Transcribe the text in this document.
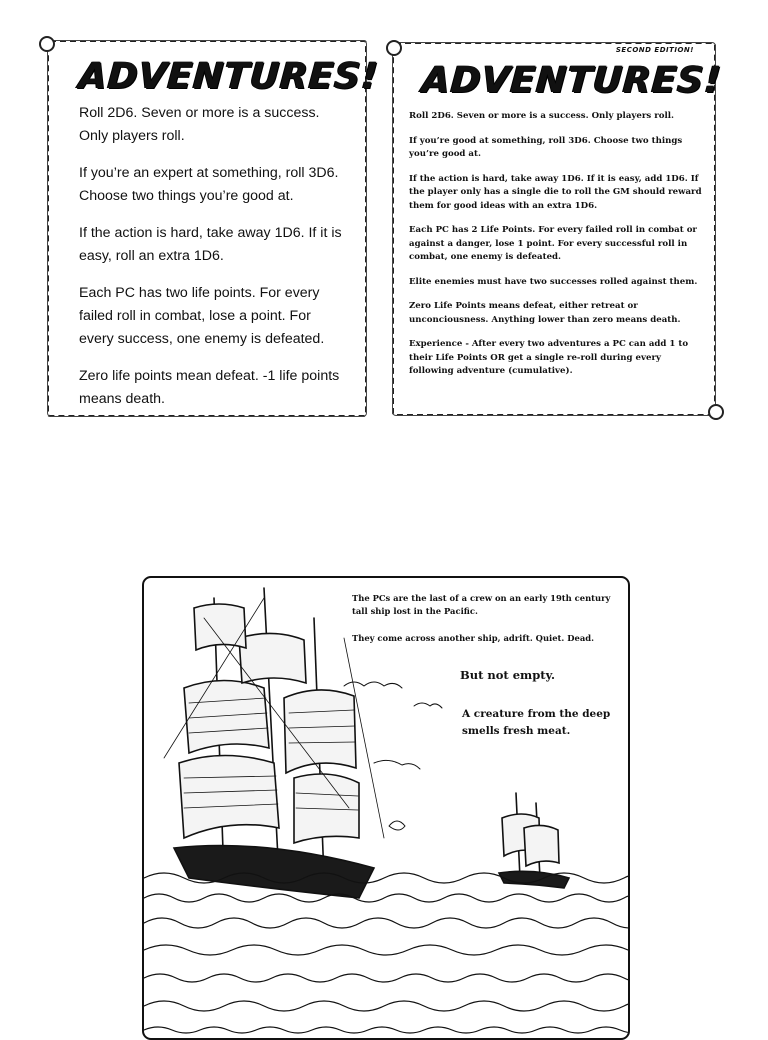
ADVENTURES!

Roll 2D6. Seven or more is a success. Only players roll.

If you’re an expert at something, roll 3D6. Choose two things you’re good at.

If the action is hard, take away 1D6. If it is easy, roll an extra 1D6.

Each PC has two life points. For every failed roll in combat, lose a point. For every success, one enemy is defeated.

Zero life points mean defeat. -1 life points means death.

SECOND EDITION!
ADVENTURES!

Roll 2D6. Seven or more is a success. Only players roll.

If you’re good at something, roll 3D6. Choose two things you’re good at.

If the action is hard, take away 1D6. If it is easy, add 1D6. If the player only has a single die to roll the GM should reward them for good ideas with an extra 1D6.

Each PC has 2 Life Points. For every failed roll in combat or against a danger, lose 1 point. For every successful roll in combat, one enemy is defeated.

Elite enemies must have two successes rolled against them.

Zero Life Points means defeat, either retreat or unconciousness. Anything lower than zero means death.

Experience - After every two adventures a PC can add 1 to their Life Points OR get a single re-roll during every following adventure (cumulative).

The PCs are the last of a crew on an early 19th century tall ship lost in the Pacific.
They come across another ship, adrift. Quiet. Dead.
But not empty.
A creature from the deep smells fresh meat.
